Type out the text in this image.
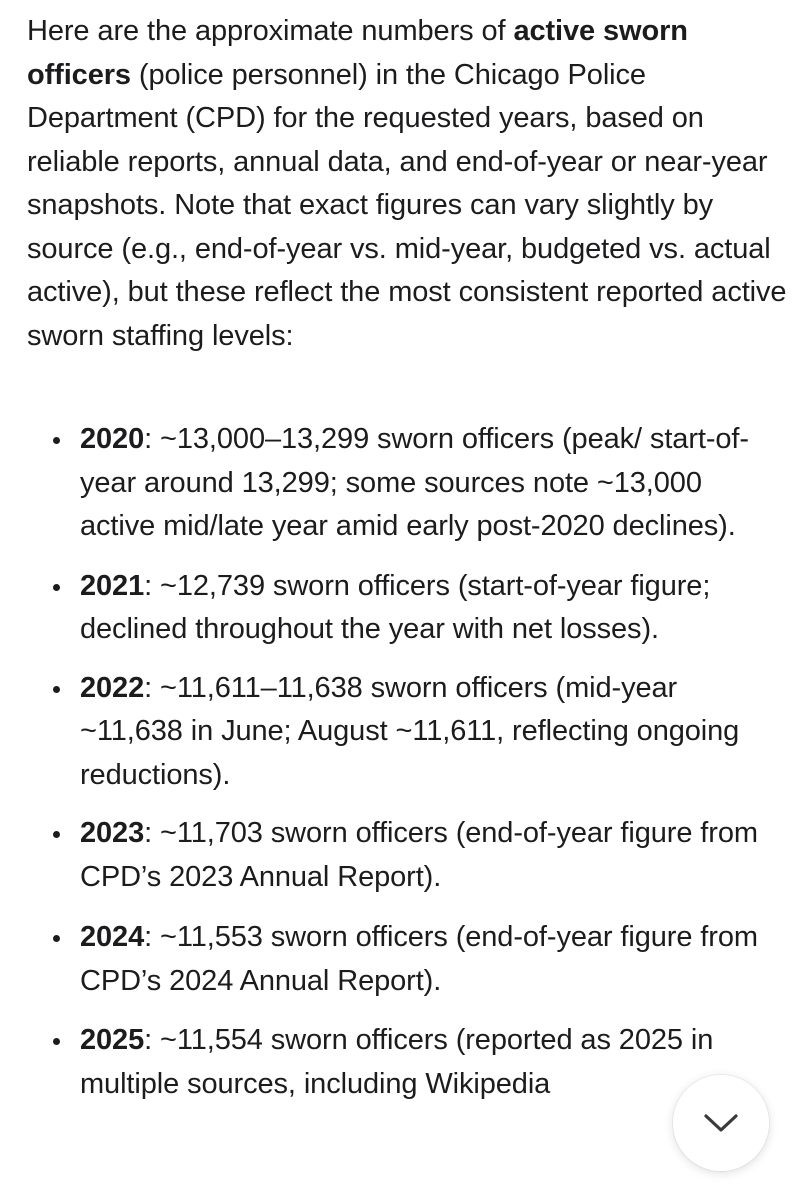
Here are the approximate numbers of active sworn officers (police personnel) in the Chicago Police Department (CPD) for the requested years, based on reliable reports, annual data, and end-of-year or near-year snapshots. Note that exact figures can vary slightly by source (e.g., end-of-year vs. mid-year, budgeted vs. actual active), but these reflect the most consistent reported active sworn staffing levels:

2020: ~13,000–13,299 sworn officers (peak/ start-of-year around 13,299; some sources note ~13,000 active mid/late year amid early post-2020 declines).
2021: ~12,739 sworn officers (start-of-year figure; declined throughout the year with net losses).
2022: ~11,611–11,638 sworn officers (mid-year ~11,638 in June; August ~11,611, reflecting ongoing reductions).
2023: ~11,703 sworn officers (end-of-year figure from CPD’s 2023 Annual Report).
2024: ~11,553 sworn officers (end-of-year figure from CPD’s 2024 Annual Report).
2025: ~11,554 sworn officers (reported as 2025 in multiple sources, including Wikipedia
